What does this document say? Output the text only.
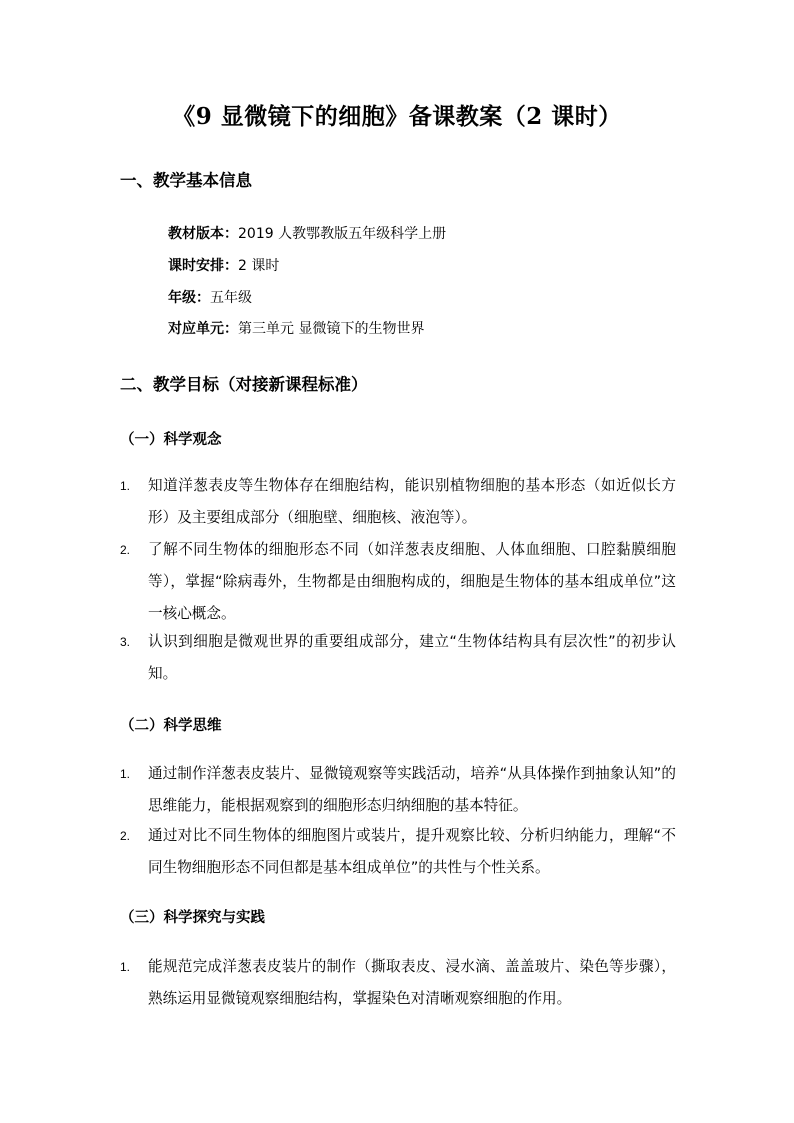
《9 显微镜下的细胞》备课教案（2 课时）
一、教学基本信息
教材版本：2019 人教鄂教版五年级科学上册
课时安排：2 课时
年级：五年级
对应单元：第三单元 显微镜下的生物世界
二、教学目标（对接新课程标准）
（一）科学观念
1. 知道洋葱表皮等生物体存在细胞结构，能识别植物细胞的基本形态（如近似长方形）及主要组成部分（细胞壁、细胞核、液泡等）。
2. 了解不同生物体的细胞形态不同（如洋葱表皮细胞、人体血细胞、口腔黏膜细胞等），掌握“除病毒外，生物都是由细胞构成的，细胞是生物体的基本组成单位”这一核心概念。
3. 认识到细胞是微观世界的重要组成部分，建立“生物体结构具有层次性”的初步认知。
（二）科学思维
1. 通过制作洋葱表皮装片、显微镜观察等实践活动，培养“从具体操作到抽象认知”的思维能力，能根据观察到的细胞形态归纳细胞的基本特征。
2. 通过对比不同生物体的细胞图片或装片，提升观察比较、分析归纳能力，理解“不同生物细胞形态不同但都是基本组成单位”的共性与个性关系。
（三）科学探究与实践
1. 能规范完成洋葱表皮装片的制作（撕取表皮、浸水滴、盖盖玻片、染色等步骤），熟练运用显微镜观察细胞结构，掌握染色对清晰观察细胞的作用。
